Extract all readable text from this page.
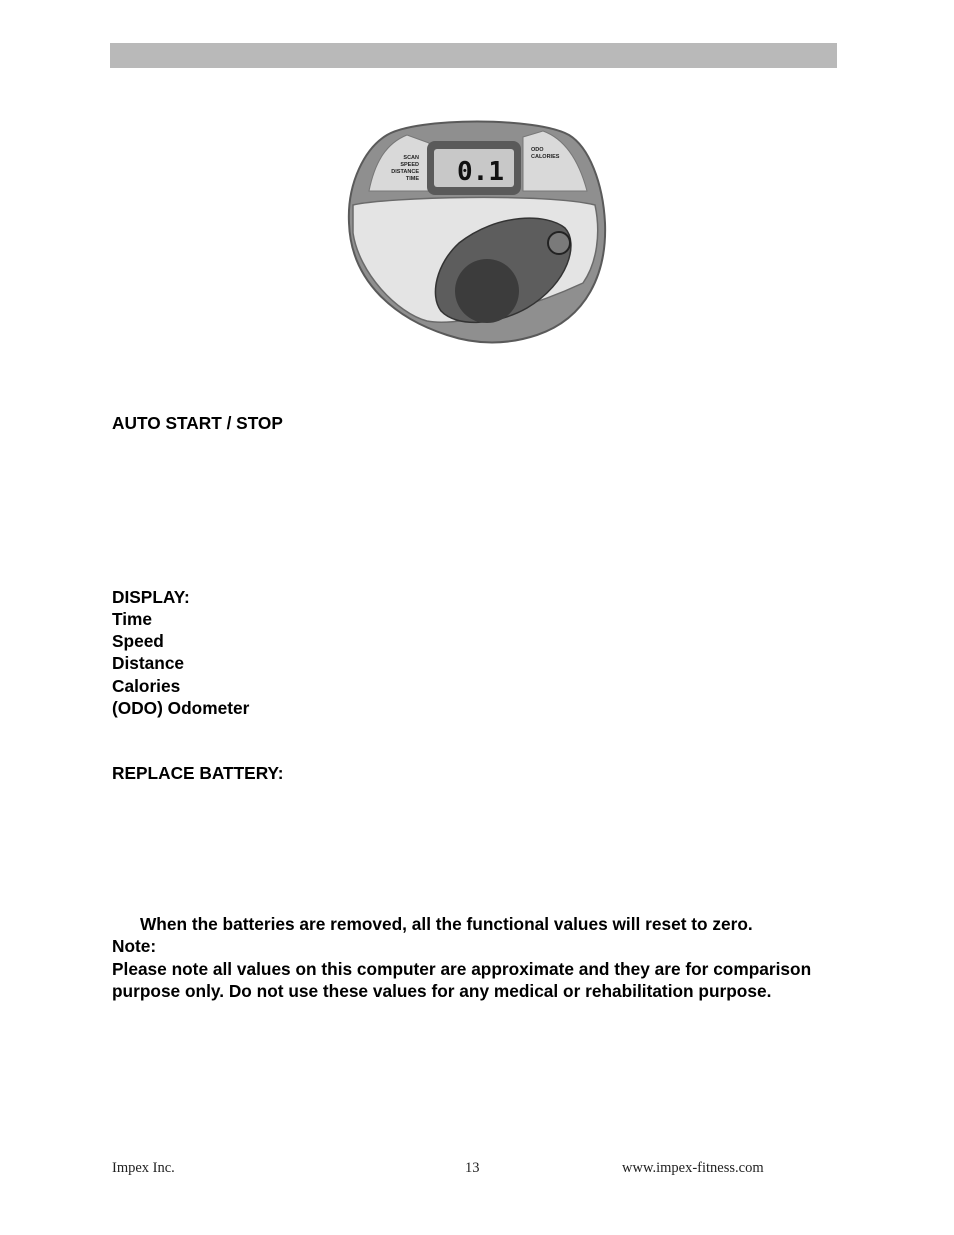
SCAN
SPEED
DISTANCE
TIME
ODO
CALORIES
0.1

AUTO START / STOP

DISPLAY:

Time
Speed
Distance
Calories
(ODO) Odometer

REPLACE BATTERY:

When the batteries are removed, all the functional values will reset to zero.

Note:

Please note all values on this computer are approximate and they are for comparison purpose only. Do not use these values for any medical or rehabilitation purpose.

Impex Inc.	13	www.impex-fitness.com
